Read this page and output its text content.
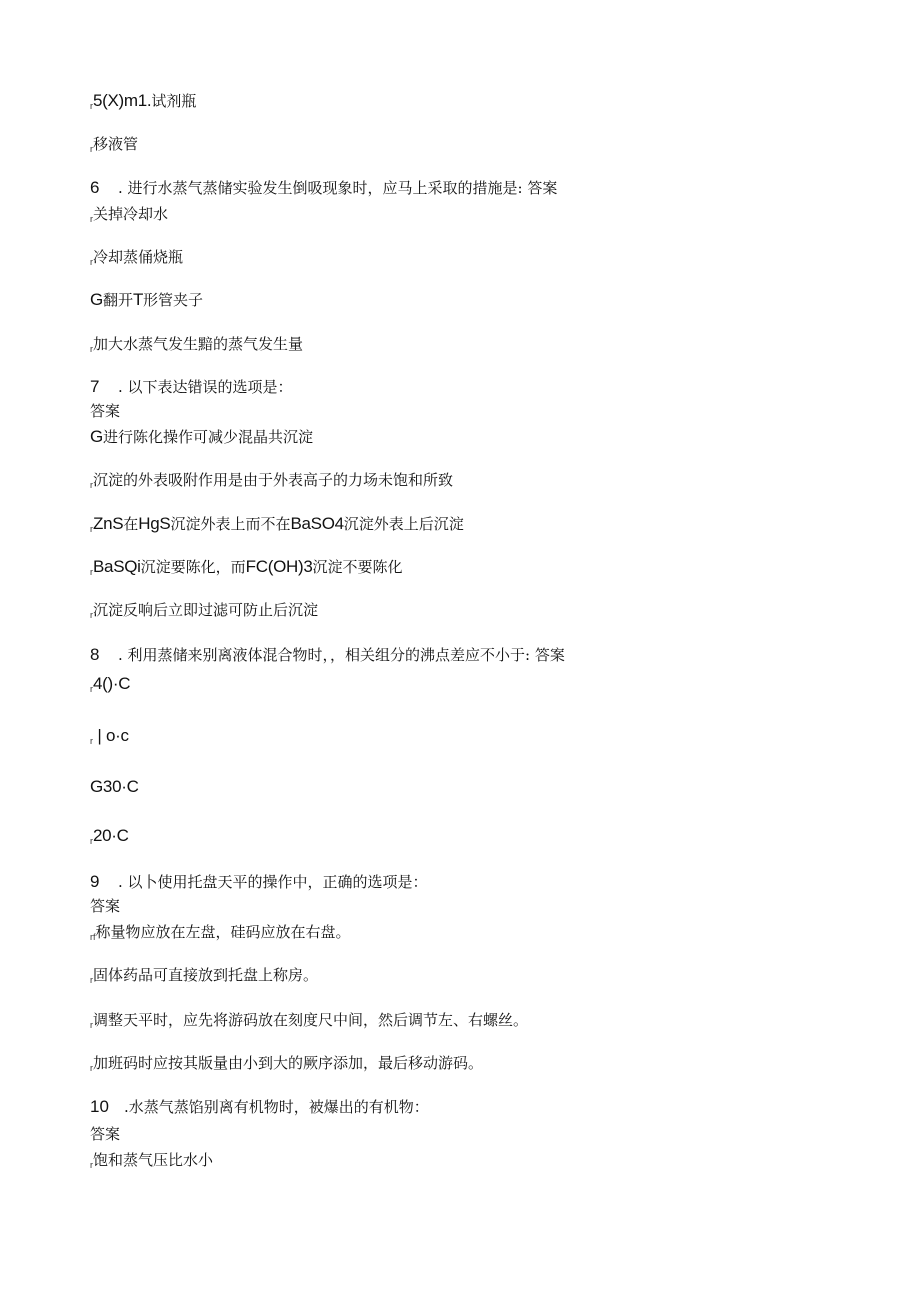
$_r$5(X)m1.试剂瓶
$_r$移液管
6 . 进行水蒸气蒸储实验发生倒吸现象时，应马上采取的措施是: 答案
$_r$关掉冷却水
$_r$冷却蒸俑烧瓶
G翻开T形管夹子
$_r$加大水蒸气发生黯的蒸气发生量
7 . 以下表达错误的选项是：
答案
G进行陈化操作可减少混晶共沉淀
$_r$沉淀的外表吸附作用是由于外表高子的力场未饱和所致
$_r$ZnS在HgS沉淀外表上而不在BaSO4沉淀外表上后沉淀
$_r$BaSQi沉淀要陈化，而FC(OH)3沉淀不要陈化
$_r$沉淀反响后立即过滤可防止后沉淀
8 . 利用蒸储来别离液体混合物时，，相关组分的沸点差应不小于: 答案
$_r$4()·C
$_r$ | o·c
G30·C
$_r$20·C
9 . 以卜使用托盘天平的操作中，正确的选项是：
答案
$_{rf}$称量物应放在左盘，硅码应放在右盘。
$_r$固体药品可直接放到托盘上称房。
$_r$调整天平时，应先将游码放在刻度尺中间，然后调节左、右螺丝。
$_r$加班码时应按其版量由小到大的厥序添加，最后移动游码。
10 .水蒸气蒸馅别离有机物时，被爆出的有机物：
答案
$_r$饱和蒸气压比水小
